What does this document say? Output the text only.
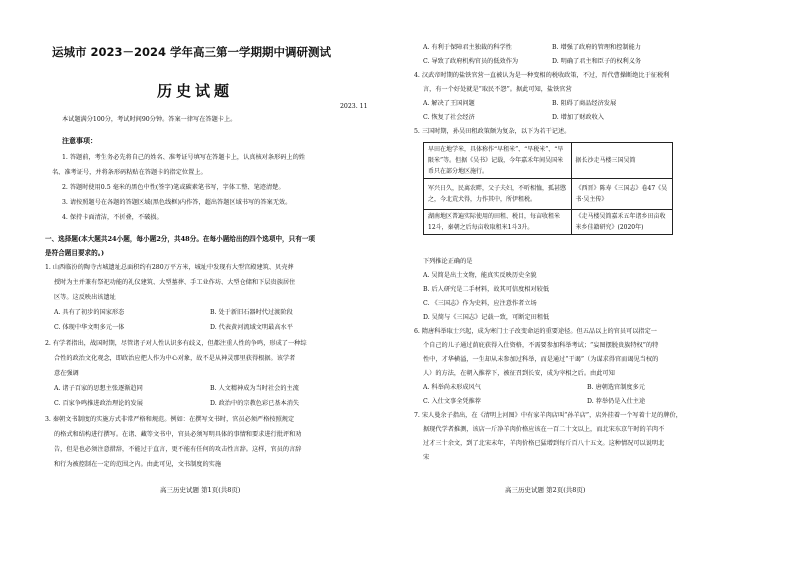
运城市 2023－2024 学年高三第一学期期中调研测试
历史试题
2023. 11
本试题满分100分，考试时间90分钟。答案一律写在答题卡上。
注意事项：
1. 答题前，考生务必先将自己的姓名、准考证号填写在答题卡上，认真核对条形码上的姓
名、准考证号，并将条形码粘贴在答题卡的指定位置上。
2. 答题时使用0.5 毫米的黑色中性(签字)笔或碳素笔书写，字体工整、笔迹清楚。
3. 请按照题号在各题的答题区域(黑色线框)内作答，超出答题区域书写的答案无效。
4. 保持卡面清洁，不折叠，不破损。
一、选择题(本大题共24小题，每小题2分，共48分。在每小题给出的四个选项中，只有一项
是符合题目要求的。)
1. 山西临汾的陶寺古城遗址总面积约有280万平方米，城址中发现有大型宫殿建筑、贝壳葬
授时为主并兼有祭祀功能的礼仪建筑、大型墓葬、手工业作坊、大型仓储和下层贵族居住
区等。这反映出该遗址
A. 具有了初步的国家形态	B. 处于新旧石器时代过渡阶段
C. 体现中华文明多元一体	D. 代表黄河流域文明最高水平
2. 有学者指出，战国时期，尽管诸子对人性认识多有歧义，但都注重人性的争鸣，形成了一种综
合性的政治文化观念，即政治应把人作为中心对象，故不是从神灵那里获得根据。该学者
意在强调
A. 诸子百家的思想主张逐渐趋同	B. 人文精神成为当时社会的主流
C. 百家争鸣推进政治理论的发展	D. 政治中的宗教色彩已基本消失
3. 秦朝文书制度的实施方式非常严格和规范。例如：在撰写文书时，官员必须严格按照规定
的格式和结构进行撰写。在诸、藏等文书中，官员必须写明具体的事情和要求进行批评和劝
告，但是也必须注意措辞，不能过于直言，更不能有任何的攻击性言辞。这样，官员的言辞
和行为被控制在一定的范围之内。由此可见，文书制度的实施
高三历史试题 第1页(共8页)
A. 有利于保障君主独裁的科学性	B. 增强了政府的管理和控制能力
C. 导致了政府机构官员的低效作为	D. 明确了君主和臣子的权利义务
4. 汉武帝时期的盐铁官营一直被认为是一种变相的税收政策，不过，晋代曹操断绝比于征税利
言，有一个好处就是“取民不怨”。据此可知，盐铁官营
A. 解决了王国问题	B. 阻碍了商品经济发展
C. 恢复了社会经济	D. 增加了财政收入
5. 三国时期，孙吴田租政策颇为复杂，以下为若干记述。
早田在地学米，具体称作“早租米”、“旱税米”、“旱限米”等。但据《吴书》记载，今年嘉禾年间吴国米币只在部分地区施行。	据长沙走马楼三国吴简
军兴日久，民离农畔，父子夫妇，不听相恤，孤甚愍之，今北荒犬得，力作其中，所伊租税。	《西晋》陈寿《三国志》卷47《吴书·吴主传》
湖南地区普遍实际使用的田租、税目，每亩收租米12斗，秦朝之后每亩收取租米1斗3升。	《走马楼吴简嘉禾五年诸乡田亩收米乡佳籍研究》(2020年)
下列推论正确的是
A. 吴简是出土文物，能真实反映历史全貌
B. 后人研究是二手材料，故其可信度相对较低
C. 《三国志》作为史料，应注意作者立场
D. 吴简与《三国志》记载一致，可断定田租低
6. 隋唐科举取士兴起，成为寒门士子改变命运的重要途径。但五品以上的官员可以指定一
个自己的儿子通过荫庇获得入仕资格，不需要参加科举考试；“妄图摆脱贵族特权”的特
性中，才华横溢，一生却从未参加过科举，而是通过“干谒”（为谋求得官而谒见当权的
人）的方法，在朝入推荐下，被征召到长安，成为宰相之后。由此可知
A. 科举尚未形成风气	B. 唐朝选官制度多元
C. 入仕文事全凭推荐	D. 荐举仍是入仕主途
7. 宋人曼余子指出，在《清明上河图》中有家羊肉店叫“孙羊店”，店外挂着一个写着十足的牌价，
据现代学者推测，该店一斤净羊肉价格应该在一百二十文以上，而北宋东京午时的羊肉不
过才三十余文，到了北宋末年，羊肉价格已猛增到每斤百八十五文。这种情况可以说明北
宋
高三历史试题 第2页(共8页)
